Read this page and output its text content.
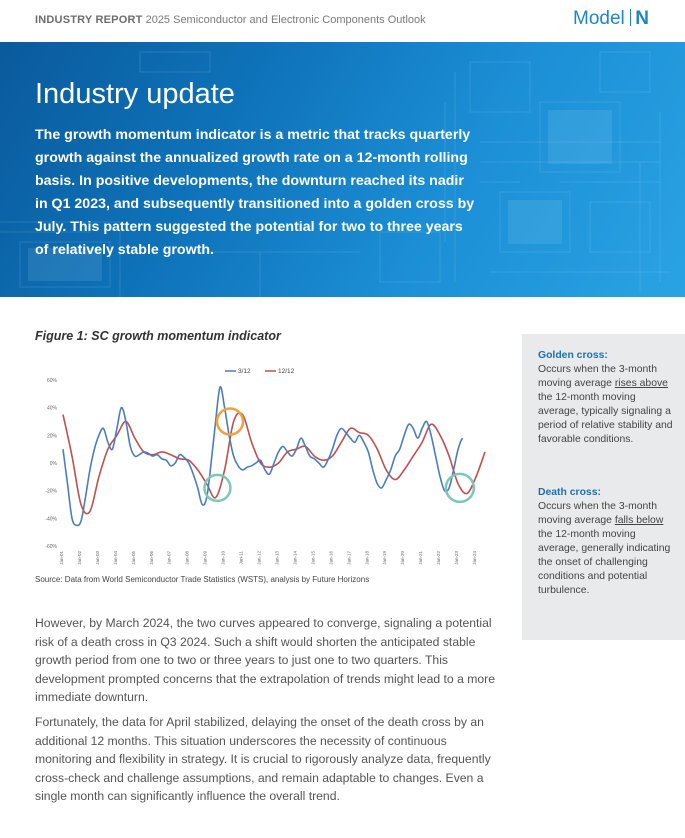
INDUSTRY REPORT 2025 Semiconductor and Electronic Components Outlook	Model N
Industry update

The growth momentum indicator is a metric that tracks quarterly growth against the annualized growth rate on a 12-month rolling basis. In positive developments, the downturn reached its nadir in Q1 2023, and subsequently transitioned into a golden cross by July. This pattern suggested the potential for two to three years of relatively stable growth.

Figure 1: SC growth momentum indicator
60%
40%
20%
0%
-20%
-40%
-60%
Jan-01	Jan-02	Jan-03	Jan-04	Jan-05	Jan-06	Jan-07	Jan-08	Jan-09	Jan-10	Jan-11	Jan-12	Jan-13	Jan-14	Jan-15	Jan-16	Jan-17	Jan-18	Jan-19	Jan-20	Jan-21	Jan-22	Jan-23	Jan-24
3/12	12/12
Source: Data from World Semiconductor Trade Statistics (WSTS), analysis by Future Horizons

However, by March 2024, the two curves appeared to converge, signaling a potential risk of a death cross in Q3 2024. Such a shift would shorten the anticipated stable growth period from one to two or three years to just one to two quarters. This development prompted concerns that the extrapolation of trends might lead to a more immediate downturn.

Fortunately, the data for April stabilized, delaying the onset of the death cross by an additional 12 months. This situation underscores the necessity of continuous monitoring and flexibility in strategy. It is crucial to rigorously analyze data, frequently cross-check and challenge assumptions, and remain adaptable to changes. Even a single month can significantly influence the overall trend.

Golden cross:
Occurs when the 3-month moving average rises above the 12-month moving average, typically signaling a period of relative stability and favorable conditions.
Death cross:
Occurs when the 3-month moving average falls below the 12-month moving average, generally indicating the onset of challenging conditions and potential turbulence.
